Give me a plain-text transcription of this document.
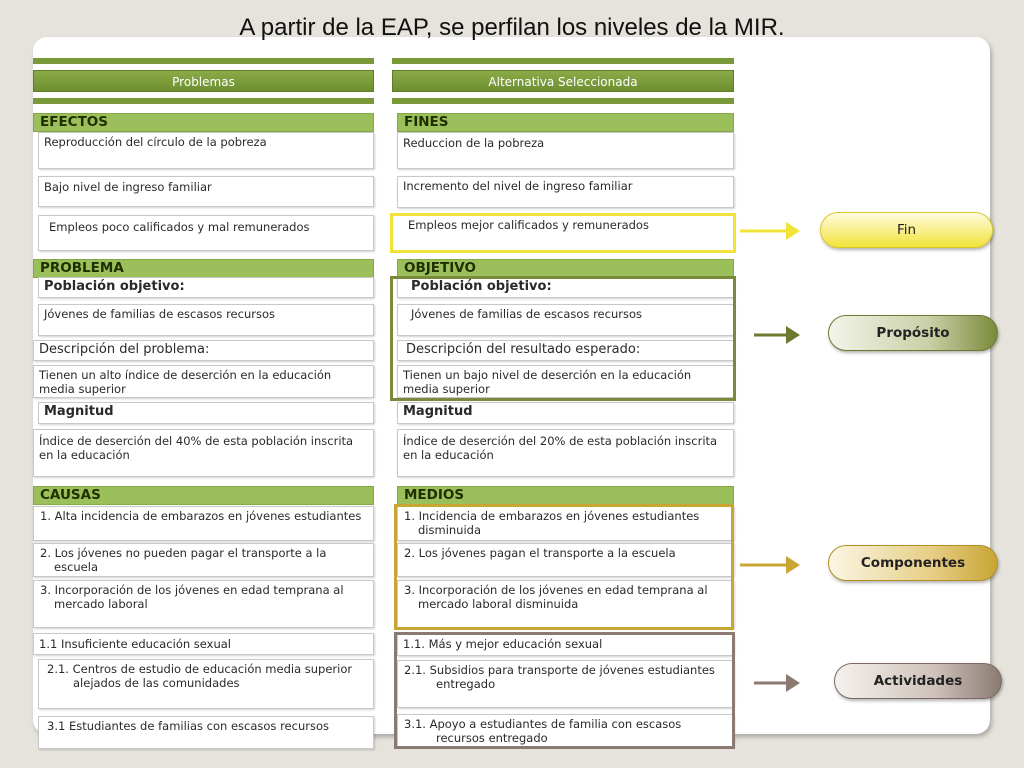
A partir de la EAP, se perfilan los niveles de la MIR.
Problemas
EFECTOS
Reproducción del círculo de la pobreza
Bajo nivel de ingreso familiar
Empleos poco calificados y mal remunerados
PROBLEMA
Población objetivo:
Jóvenes de familias de escasos recursos
Descripción del problema:
Tienen un alto índice de deserción en la educación media superior
Magnitud
Índice de deserción del 40% de esta población inscrita en la educación
CAUSAS
1. Alta incidencia de embarazos en jóvenes estudiantes
2. Los jóvenes no pueden pagar el transporte a la escuela
3. Incorporación de los jóvenes en edad temprana al mercado laboral
1.1 Insuficiente educación sexual
2.1. Centros de estudio de educación media superior alejados de las comunidades
3.1 Estudiantes de familias con escasos recursos
Alternativa Seleccionada
FINES
Reduccion de la pobreza
Incremento del nivel de ingreso familiar
Empleos mejor calificados y remunerados
OBJETIVO
Población objetivo:
Jóvenes de familias de escasos recursos
Descripción del resultado esperado:
Tienen un bajo nivel de deserción en la educación media superior
Magnitud
Índice de deserción del 20% de esta población inscrita en la educación
MEDIOS
1. Incidencia de embarazos en jóvenes estudiantes disminuida
2. Los jóvenes pagan el transporte a la escuela
3. Incorporación de los jóvenes en edad temprana al mercado laboral disminuida
1.1. Más y mejor educación sexual
2.1. Subsidios para transporte de jóvenes estudiantes entregado
3.1. Apoyo a estudiantes de familia con escasos recursos entregado
Fin
Propósito
Componentes
Actividades
